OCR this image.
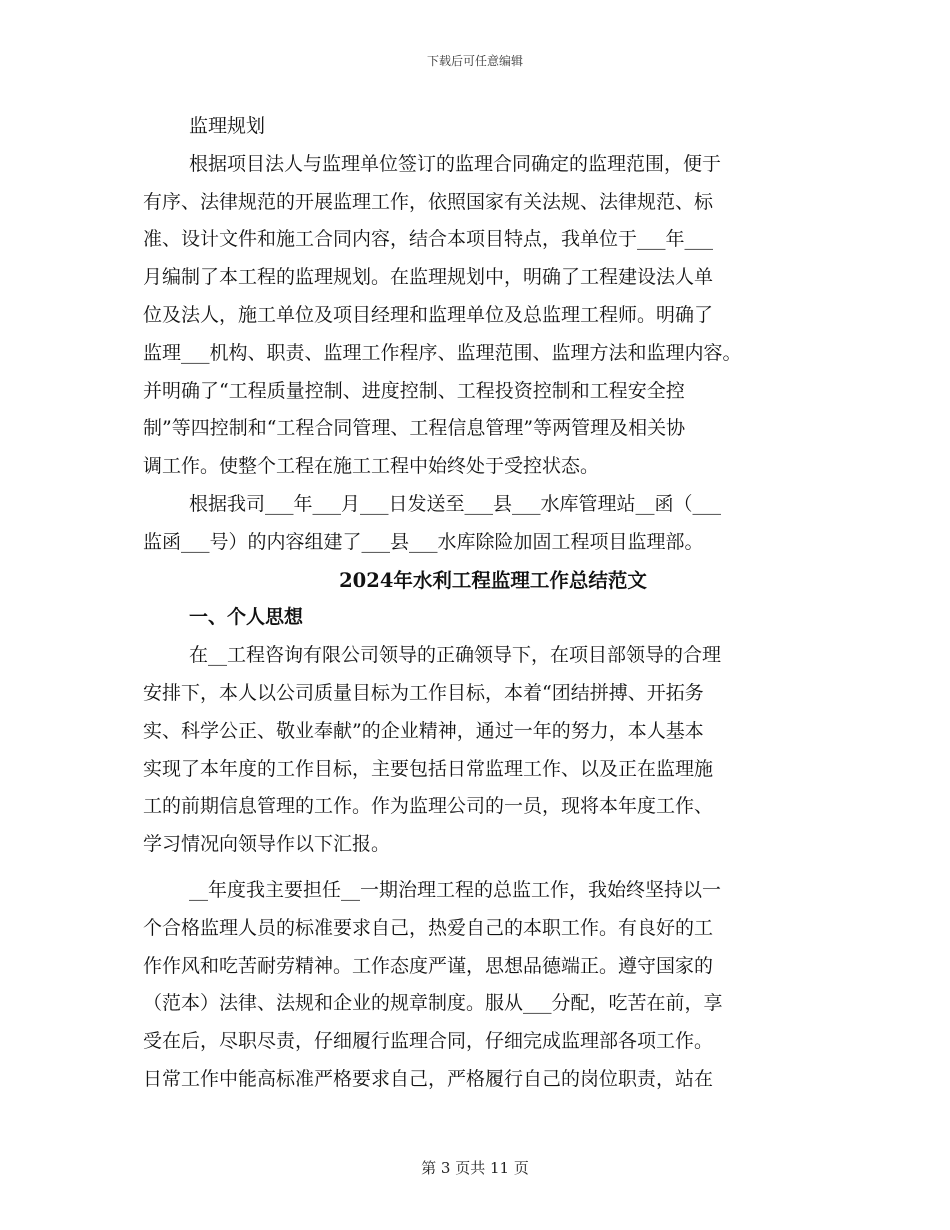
下载后可任意编辑
监理规划
根据项目法人与监理单位签订的监理合同确定的监理范围，便于
有序、法律规范的开展监理工作，依照国家有关法规、法律规范、标
准、设计文件和施工合同内容，结合本项目特点，我单位于___年___
月编制了本工程的监理规划。在监理规划中，明确了工程建设法人单
位及法人，施工单位及项目经理和监理单位及总监理工程师。明确了
监理___机构、职责、监理工作程序、监理范围、监理方法和监理内容。
并明确了“工程质量控制、进度控制、工程投资控制和工程安全控
制”等四控制和“工程合同管理、工程信息管理”等两管理及相关协
调工作。使整个工程在施工工程中始终处于受控状态。
根据我司___年___月___日发送至___县___水库管理站__函（___
监函___号）的内容组建了___县___水库除险加固工程项目监理部。
2024年水利工程监理工作总结范文
一、个人思想
在__工程咨询有限公司领导的正确领导下，在项目部领导的合理
安排下，本人以公司质量目标为工作目标，本着“团结拼搏、开拓务
实、科学公正、敬业奉献”的企业精神，通过一年的努力，本人基本
实现了本年度的工作目标，主要包括日常监理工作、以及正在监理施
工的前期信息管理的工作。作为监理公司的一员，现将本年度工作、
学习情况向领导作以下汇报。
__年度我主要担任__一期治理工程的总监工作，我始终坚持以一
个合格监理人员的标准要求自己，热爱自己的本职工作。有良好的工
作作风和吃苦耐劳精神。工作态度严谨，思想品德端正。遵守国家的
（范本）法律、法规和企业的规章制度。服从___分配，吃苦在前，享
受在后，尽职尽责，仔细履行监理合同，仔细完成监理部各项工作。
日常工作中能高标准严格要求自己，严格履行自己的岗位职责，站在
第 3 页共 11 页
